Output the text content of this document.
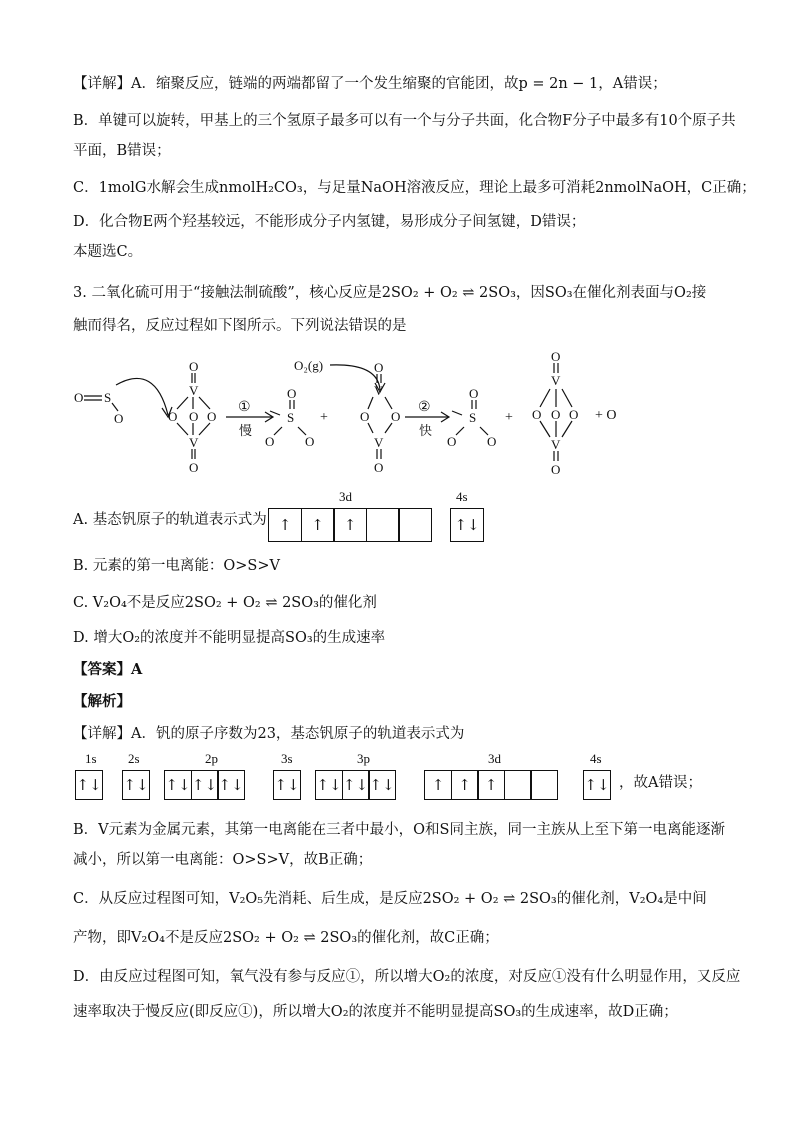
【详解】A．缩聚反应，链端的两端都留了一个发生缩聚的官能团，故p = 2n − 1，A错误；
B．单键可以旋转，甲基上的三个氢原子最多可以有一个与分子共面，化合物F分子中最多有10个原子共
平面，B错误；
C．1molG水解会生成nmolH₂CO₃，与足量NaOH溶液反应，理论上最多可消耗2nmolNaOH，C正确；
D．化合物E两个羟基较远，不能形成分子内氢键，易形成分子间氢键，D错误；
本题选C。
3. 二氧化硫可用于“接触法制硫酸”，核心反应是2SO₂ + O₂ ⇌ 2SO₃，因SO₃在催化剂表面与O₂接
触而得名，反应过程如下图所示。下列说法错误的是
O S
O
O
V
O O O
V
O
O
S
O O
O
V
O O
V
O
O
S
O O
O
V
O O O
V
O
O₂(g)
①
慢
②
快
+	+	+ O
A. 基态钒原子的轨道表示式为
3d	4s
↑	↑	↑	↑↓
B. 元素的第一电离能：O>S>V
C. V₂O₄不是反应2SO₂ + O₂ ⇌ 2SO₃的催化剂
D. 增大O₂的浓度并不能明显提高SO₃的生成速率
【答案】A
【解析】
【详解】A．钒的原子序数为23，基态钒原子的轨道表示式为
1s
↑↓
2s
↑↓
2p
↑↓ ↑↓ ↑↓
3s
↑↓
3p
↑↓ ↑↓ ↑↓
3d
↑ ↑ ↑
4s
↑↓ ，故A错误；
B．V元素为金属元素，其第一电离能在三者中最小，O和S同主族，同一主族从上至下第一电离能逐渐
减小，所以第一电离能：O>S>V，故B正确；
C．从反应过程图可知，V₂O₅先消耗、后生成，是反应2SO₂ + O₂ ⇌ 2SO₃的催化剂，V₂O₄是中间
产物，即V₂O₄不是反应2SO₂ + O₂ ⇌ 2SO₃的催化剂，故C正确；
D．由反应过程图可知，氧气没有参与反应①，所以增大O₂的浓度，对反应①没有什么明显作用，又反应
速率取决于慢反应(即反应①)，所以增大O₂的浓度并不能明显提高SO₃的生成速率，故D正确；
